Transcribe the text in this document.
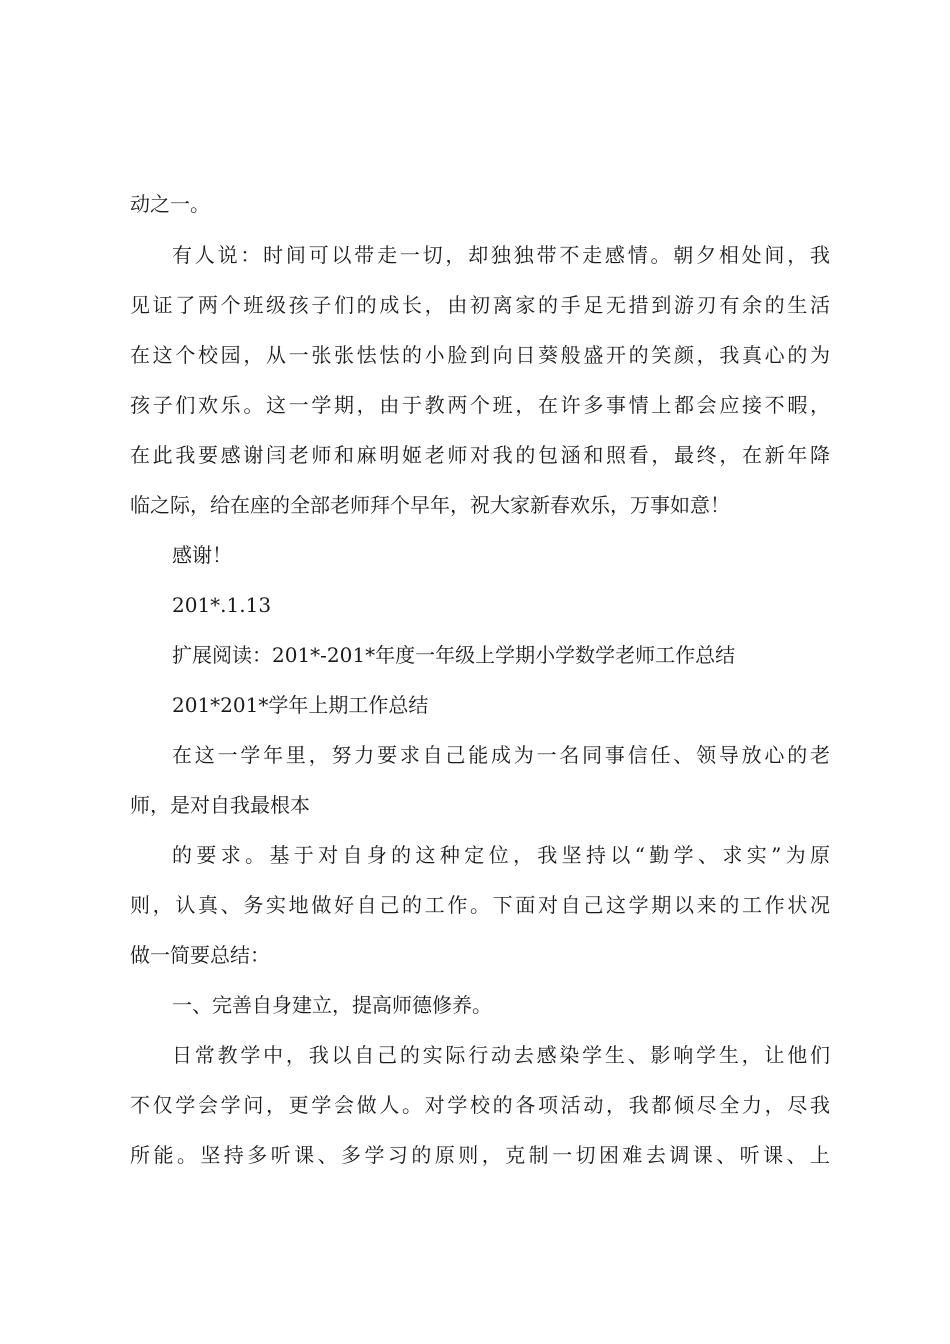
动之一。
有人说：时间可以带走一切，却独独带不走感情。朝夕相处间，我
见证了两个班级孩子们的成长，由初离家的手足无措到游刃有余的生活
在这个校园，从一张张怯怯的小脸到向日葵般盛开的笑颜，我真心的为
孩子们欢乐。这一学期，由于教两个班，在许多事情上都会应接不暇，
在此我要感谢闫老师和麻明姬老师对我的包涵和照看，最终，在新年降
临之际，给在座的全部老师拜个早年，祝大家新春欢乐，万事如意！
感谢！
201*.1.13
扩展阅读：201*-201*年度一年级上学期小学数学老师工作总结
201*201*学年上期工作总结
在这一学年里，努力要求自己能成为一名同事信任、领导放心的老
师，是对自我最根本
的要求。基于对自身的这种定位，我坚持以“勤学、求实”为原
则，认真、务实地做好自己的工作。下面对自己这学期以来的工作状况
做一简要总结：
一、完善自身建立，提高师德修养。
日常教学中，我以自己的实际行动去感染学生、影响学生，让他们
不仅学会学问，更学会做人。对学校的各项活动，我都倾尽全力，尽我
所能。坚持多听课、多学习的原则，克制一切困难去调课、听课、上
